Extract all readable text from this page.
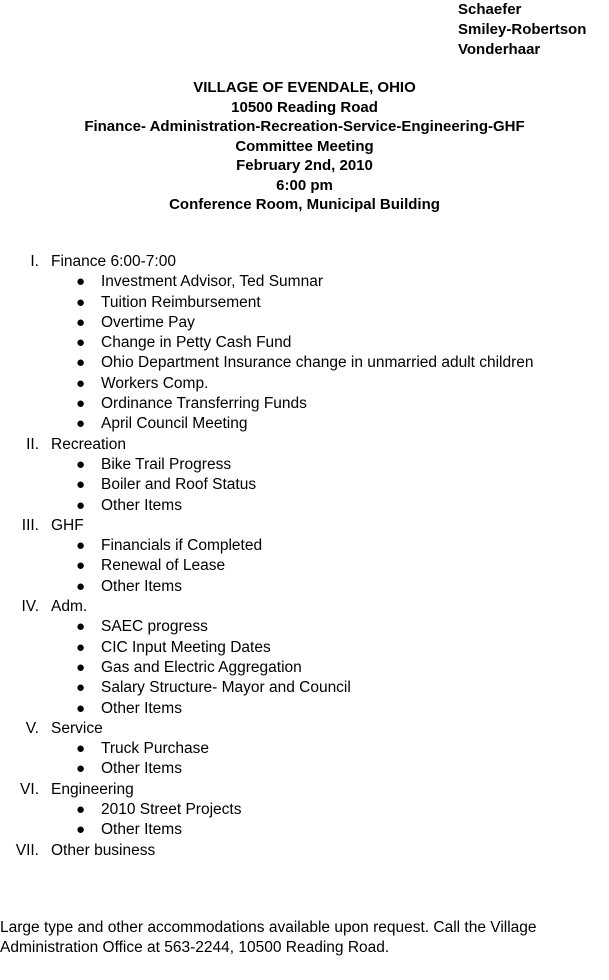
Schaefer
Smiley-Robertson
Vonderhaar
VILLAGE OF EVENDALE, OHIO
10500 Reading Road
Finance- Administration-Recreation-Service-Engineering-GHF
Committee Meeting
February 2nd, 2010
6:00 pm
Conference Room, Municipal Building
I. Finance 6:00-7:00
● Investment Advisor, Ted Sumnar
● Tuition Reimbursement
● Overtime Pay
● Change in Petty Cash Fund
● Ohio Department Insurance change in unmarried adult children
● Workers Comp.
● Ordinance Transferring Funds
● April Council Meeting
II. Recreation
● Bike Trail Progress
● Boiler and Roof Status
● Other Items
III. GHF
● Financials if Completed
● Renewal of Lease
● Other Items
IV. Adm.
● SAEC progress
● CIC Input Meeting Dates
● Gas and Electric Aggregation
● Salary Structure- Mayor and Council
● Other Items
V. Service
● Truck Purchase
● Other Items
VI. Engineering
● 2010 Street Projects
● Other Items
VII. Other business
Large type and other accommodations available upon request. Call the Village
Administration Office at 563-2244, 10500 Reading Road.
